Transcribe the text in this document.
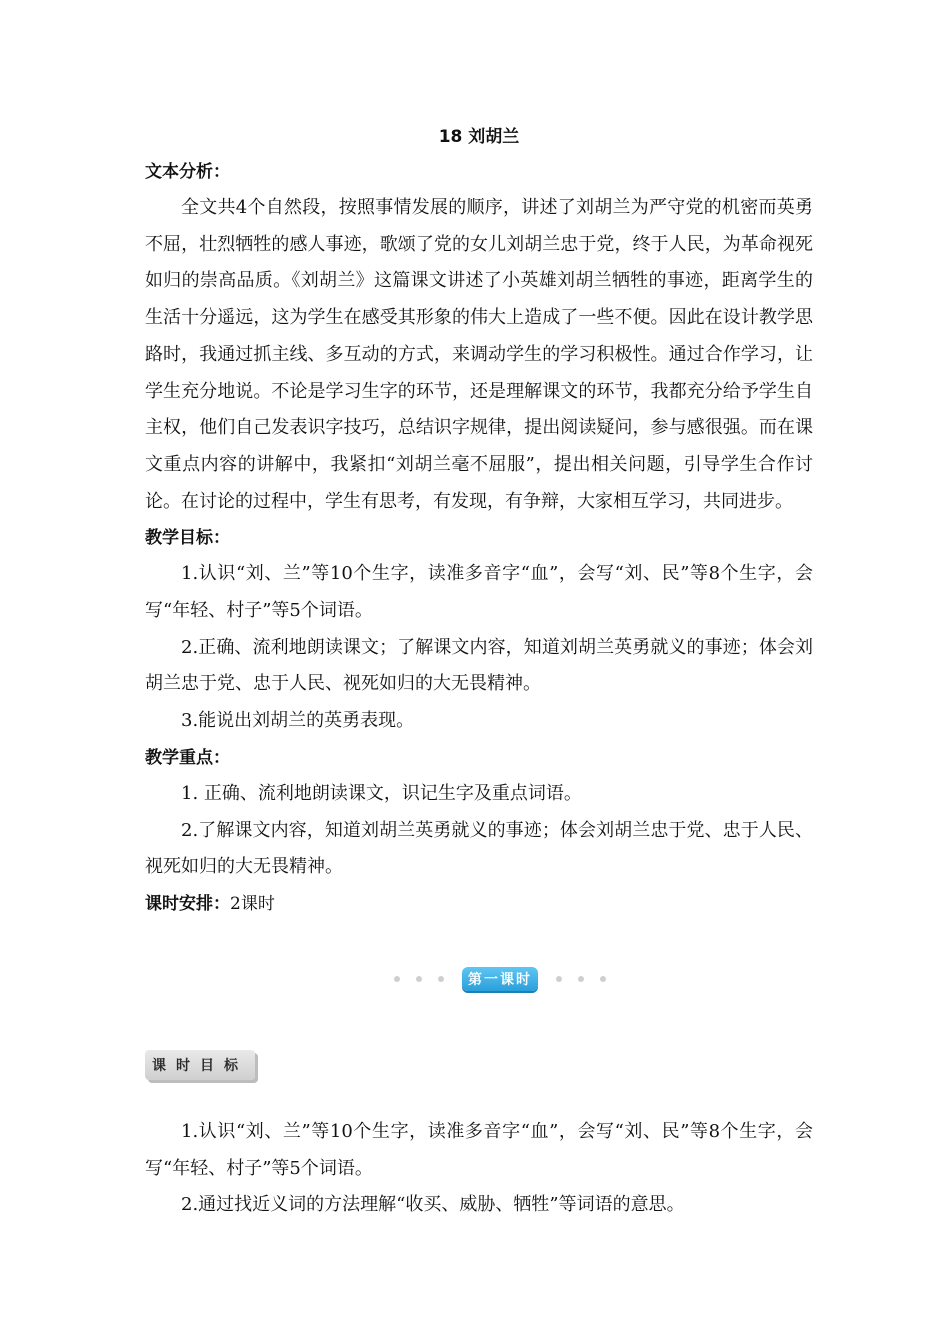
18 刘胡兰
文本分析：

全文共4个自然段，按照事情发展的顺序，讲述了刘胡兰为严守党的机密而英勇不屈，壮烈牺牲的感人事迹，歌颂了党的女儿刘胡兰忠于党，终于人民，为革命视死如归的崇高品质。《刘胡兰》这篇课文讲述了小英雄刘胡兰牺牲的事迹，距离学生的生活十分遥远，这为学生在感受其形象的伟大上造成了一些不便。因此在设计教学思路时，我通过抓主线、多互动的方式，来调动学生的学习积极性。通过合作学习，让学生充分地说。不论是学习生字的环节，还是理解课文的环节，我都充分给予学生自主权，他们自己发表识字技巧，总结识字规律，提出阅读疑问，参与感很强。而在课文重点内容的讲解中，我紧扣“刘胡兰毫不屈服”，提出相关问题，引导学生合作讨论。在讨论的过程中，学生有思考，有发现，有争辩，大家相互学习，共同进步。

教学目标：

1.认识“刘、兰”等10个生字，读准多音字“血”，会写“刘、民”等8个生字，会写“年轻、村子”等5个词语。

2.正确、流利地朗读课文；了解课文内容，知道刘胡兰英勇就义的事迹；体会刘胡兰忠于党、忠于人民、视死如归的大无畏精神。

3.能说出刘胡兰的英勇表现。

教学重点：

1. 正确、流利地朗读课文，识记生字及重点词语。

2.了解课文内容，知道刘胡兰英勇就义的事迹；体会刘胡兰忠于党、忠于人民、视死如归的大无畏精神。

课时安排：2课时
第一课时
课时目标

1.认识“刘、兰”等10个生字，读准多音字“血”，会写“刘、民”等8个生字，会写“年轻、村子”等5个词语。

2.通过找近义词的方法理解“收买、威胁、牺牲”等词语的意思。
